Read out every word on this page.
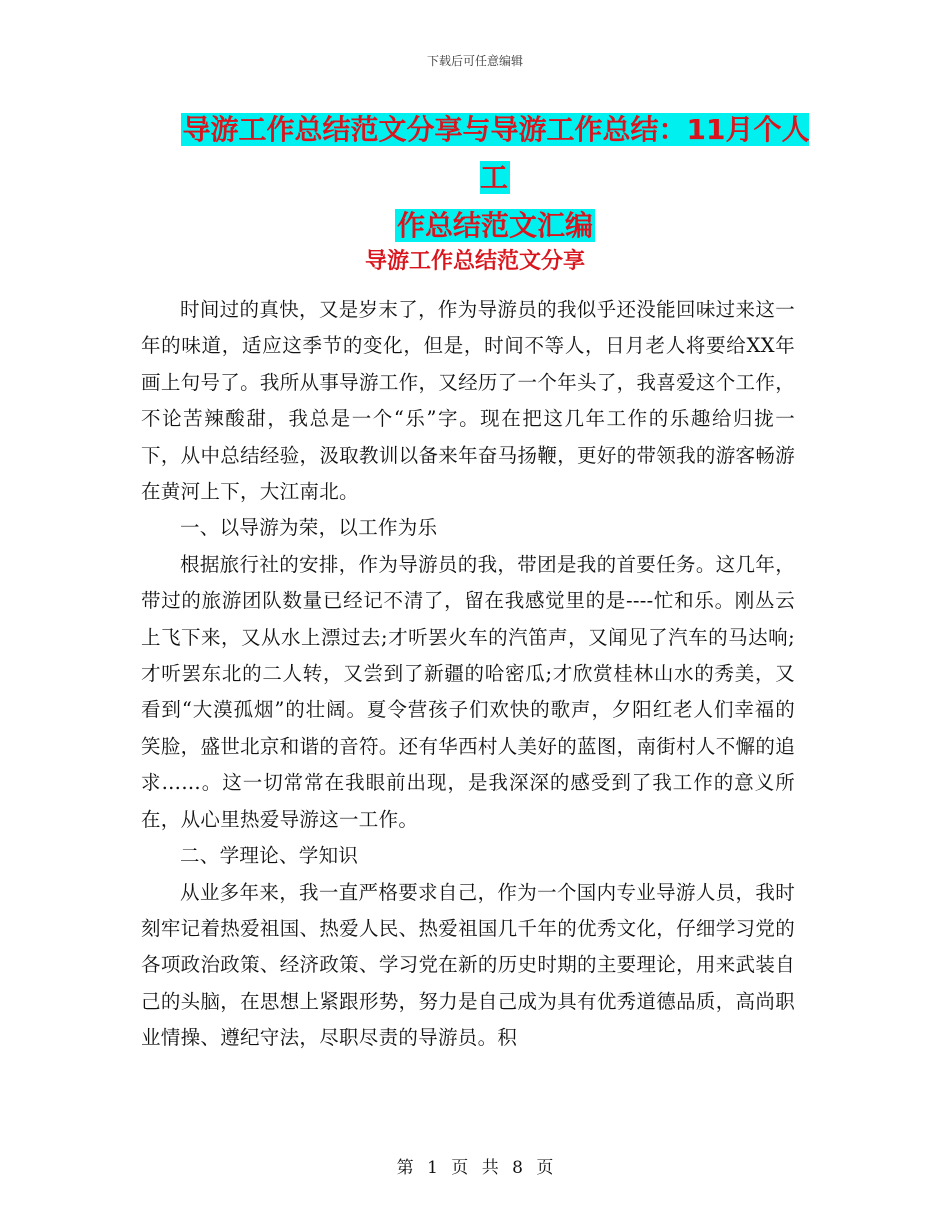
下载后可任意编辑
导游工作总结范文分享与导游工作总结：11月个人工
作总结范文汇编
导游工作总结范文分享

时间过的真快，又是岁末了，作为导游员的我似乎还没能回味过来这一年的味道，适应这季节的变化，但是，时间不等人，日月老人将要给XX年画上句号了。我所从事导游工作，又经历了一个年头了，我喜爱这个工作，不论苦辣酸甜，我总是一个“乐”字。现在把这几年工作的乐趣给归拢一下，从中总结经验，汲取教训以备来年奋马扬鞭，更好的带领我的游客畅游在黄河上下，大江南北。

一、以导游为荣，以工作为乐

根据旅行社的安排，作为导游员的我，带团是我的首要任务。这几年，带过的旅游团队数量已经记不清了，留在我感觉里的是----忙和乐。刚丛云上飞下来，又从水上漂过去;才听罢火车的汽笛声，又闻见了汽车的马达响;才听罢东北的二人转，又尝到了新疆的哈密瓜;才欣赏桂林山水的秀美，又看到“大漠孤烟”的壮阔。夏令营孩子们欢快的歌声，夕阳红老人们幸福的笑脸，盛世北京和谐的音符。还有华西村人美好的蓝图，南街村人不懈的追求……。这一切常常在我眼前出现，是我深深的感受到了我工作的意义所在，从心里热爱导游这一工作。

二、学理论、学知识

从业多年来，我一直严格要求自己，作为一个国内专业导游人员，我时刻牢记着热爱祖国、热爱人民、热爱祖国几千年的优秀文化，仔细学习党的各项政治政策、经济政策、学习党在新的历史时期的主要理论，用来武装自己的头脑，在思想上紧跟形势，努力是自己成为具有优秀道德品质，高尚职业情操、遵纪守法，尽职尽责的导游员。积

第 1 页 共 8 页
